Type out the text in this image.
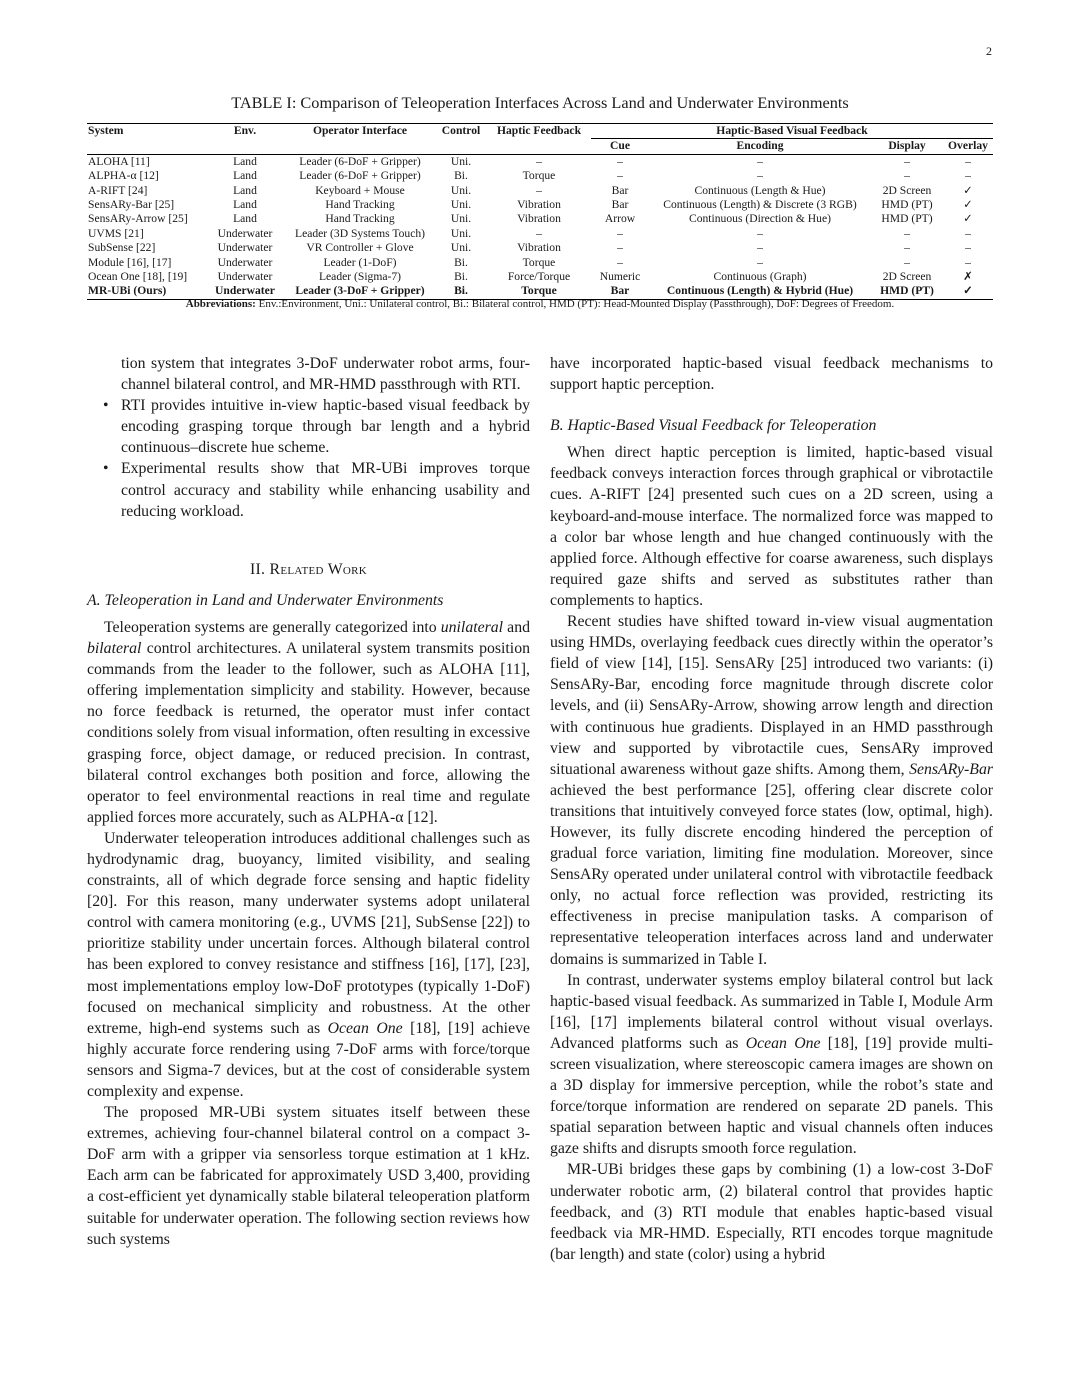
2
TABLE I: Comparison of Teleoperation Interfaces Across Land and Underwater Environments
System	Env.	Operator Interface	Control	Haptic Feedback	Haptic-Based Visual Feedback			
					Cue	Encoding	Display	Overlay
ALOHA [11]	Land	Leader (6-DoF + Gripper)	Uni.	–	–	–	–	–
ALPHA-α [12]	Land	Leader (6-DoF + Gripper)	Bi.	Torque	–	–	–	–
A-RIFT [24]	Land	Keyboard + Mouse	Uni.	–	Bar	Continuous (Length & Hue)	2D Screen	✓
SensARy-Bar [25]	Land	Hand Tracking	Uni.	Vibration	Bar	Continuous (Length) & Discrete (3 RGB)	HMD (PT)	✓
SensARy-Arrow [25]	Land	Hand Tracking	Uni.	Vibration	Arrow	Continuous (Direction & Hue)	HMD (PT)	✓
UVMS [21]	Underwater	Leader (3D Systems Touch)	Uni.	–	–	–	–	–
SubSense [22]	Underwater	VR Controller + Glove	Uni.	Vibration	–	–	–	–
Module [16], [17]	Underwater	Leader (1-DoF)	Bi.	Torque	–	–	–	–
Ocean One [18], [19]	Underwater	Leader (Sigma-7)	Bi.	Force/Torque	Numeric	Continuous (Graph)	2D Screen	✗
MR-UBi (Ours)	Underwater	Leader (3-DoF + Gripper)	Bi.	Torque	Bar	Continuous (Length) & Hybrid (Hue)	HMD (PT)	✓
Abbreviations: Env.:Environment, Uni.: Unilateral control, Bi.: Bilateral control, HMD (PT): Head-Mounted Display (Passthrough), DoF: Degrees of Freedom.

tion system that integrates 3-DoF underwater robot arms, four-channel bilateral control, and MR-HMD passthrough with RTI.

• RTI provides intuitive in-view haptic-based visual feedback by encoding grasping torque through bar length and a hybrid continuous–discrete hue scheme.
• Experimental results show that MR-UBi improves torque control accuracy and stability while enhancing usability and reducing workload.
II. Related Work
A. Teleoperation in Land and Underwater Environments

Teleoperation systems are generally categorized into unilateral and bilateral control architectures. A unilateral system transmits position commands from the leader to the follower, such as ALOHA [11], offering implementation simplicity and stability. However, because no force feedback is returned, the operator must infer contact conditions solely from visual information, often resulting in excessive grasping force, object damage, or reduced precision. In contrast, bilateral control exchanges both position and force, allowing the operator to feel environmental reactions in real time and regulate applied forces more accurately, such as ALPHA-α [12].

Underwater teleoperation introduces additional challenges such as hydrodynamic drag, buoyancy, limited visibility, and sealing constraints, all of which degrade force sensing and haptic fidelity [20]. For this reason, many underwater systems adopt unilateral control with camera monitoring (e.g., UVMS [21], SubSense [22]) to prioritize stability under uncertain forces. Although bilateral control has been explored to convey resistance and stiffness [16], [17], [23], most implementations employ low-DoF prototypes (typically 1-DoF) focused on mechanical simplicity and robustness. At the other extreme, high-end systems such as Ocean One [18], [19] achieve highly accurate force rendering using 7-DoF arms with force/torque sensors and Sigma-7 devices, but at the cost of considerable system complexity and expense.

The proposed MR-UBi system situates itself between these extremes, achieving four-channel bilateral control on a compact 3-DoF arm with a gripper via sensorless torque estimation at 1 kHz. Each arm can be fabricated for approximately USD 3,400, providing a cost-efficient yet dynamically stable bilateral teleoperation platform suitable for underwater operation. The following section reviews how such systems

have incorporated haptic-based visual feedback mechanisms to support haptic perception.

B. Haptic-Based Visual Feedback for Teleoperation

When direct haptic perception is limited, haptic-based visual feedback conveys interaction forces through graphical or vibrotactile cues. A-RIFT [24] presented such cues on a 2D screen, using a keyboard-and-mouse interface. The normalized force was mapped to a color bar whose length and hue changed continuously with the applied force. Although effective for coarse awareness, such displays required gaze shifts and served as substitutes rather than complements to haptics.

Recent studies have shifted toward in-view visual augmentation using HMDs, overlaying feedback cues directly within the operator’s field of view [14], [15]. SensARy [25] introduced two variants: (i) SensARy-Bar, encoding force magnitude through discrete color levels, and (ii) SensARy-Arrow, showing arrow length and direction with continuous hue gradients. Displayed in an HMD passthrough view and supported by vibrotactile cues, SensARy improved situational awareness without gaze shifts. Among them, SensARy-Bar achieved the best performance [25], offering clear discrete color transitions that intuitively conveyed force states (low, optimal, high). However, its fully discrete encoding hindered the perception of gradual force variation, limiting fine modulation. Moreover, since SensARy operated under unilateral control with vibrotactile feedback only, no actual force reflection was provided, restricting its effectiveness in precise manipulation tasks. A comparison of representative teleoperation interfaces across land and underwater domains is summarized in Table I.

In contrast, underwater systems employ bilateral control but lack haptic-based visual feedback. As summarized in Table I, Module Arm [16], [17] implements bilateral control without visual overlays. Advanced platforms such as Ocean One [18], [19] provide multi-screen visualization, where stereoscopic camera images are shown on a 3D display for immersive perception, while the robot’s state and force/torque information are rendered on separate 2D panels. This spatial separation between haptic and visual channels often induces gaze shifts and disrupts smooth force regulation.

MR-UBi bridges these gaps by combining (1) a low-cost 3-DoF underwater robotic arm, (2) bilateral control that provides haptic feedback, and (3) RTI module that enables haptic-based visual feedback via MR-HMD. Especially, RTI encodes torque magnitude (bar length) and state (color) using a hybrid
